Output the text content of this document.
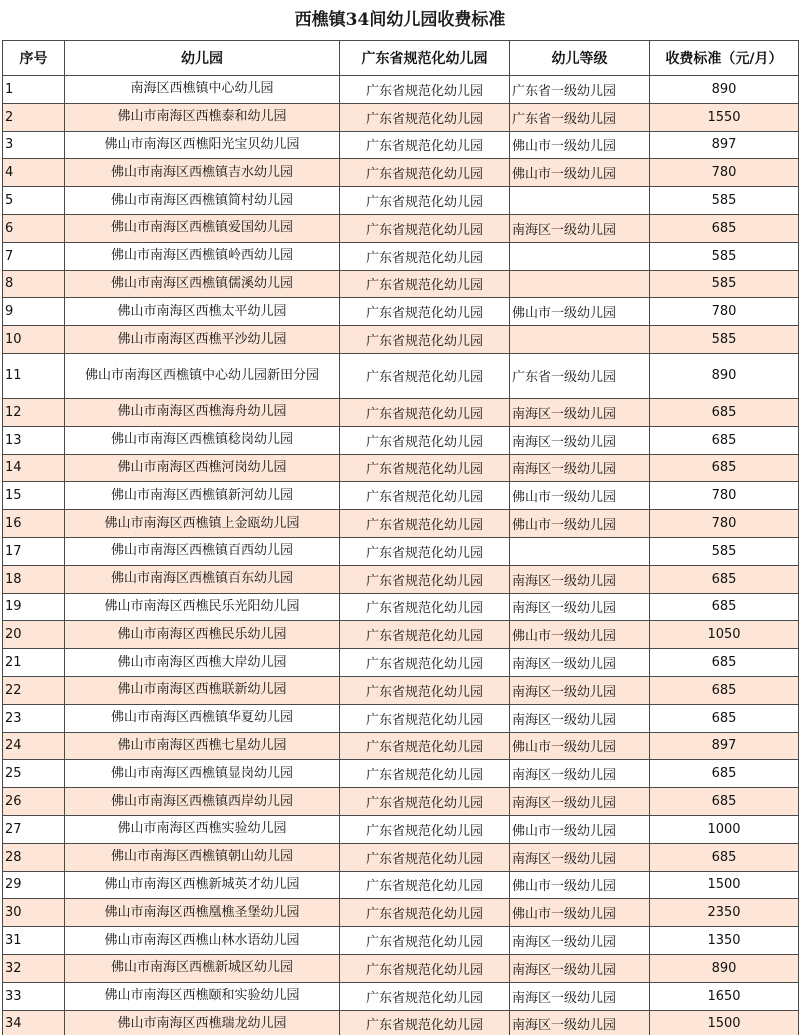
西樵镇34间幼儿园收费标准
序号	幼儿园	广东省规范化幼儿园	幼儿等级	收费标准（元/月）
1	南海区西樵镇中心幼儿园	广东省规范化幼儿园	广东省一级幼儿园	890
2	佛山市南海区西樵泰和幼儿园	广东省规范化幼儿园	广东省一级幼儿园	1550
3	佛山市南海区西樵阳光宝贝幼儿园	广东省规范化幼儿园	佛山市一级幼儿园	897
4	佛山市南海区西樵镇吉水幼儿园	广东省规范化幼儿园	佛山市一级幼儿园	780
5	佛山市南海区西樵镇简村幼儿园	广东省规范化幼儿园		585
6	佛山市南海区西樵镇爱国幼儿园	广东省规范化幼儿园	南海区一级幼儿园	685
7	佛山市南海区西樵镇岭西幼儿园	广东省规范化幼儿园		585
8	佛山市南海区西樵镇儒溪幼儿园	广东省规范化幼儿园		585
9	佛山市南海区西樵太平幼儿园	广东省规范化幼儿园	佛山市一级幼儿园	780
10	佛山市南海区西樵平沙幼儿园	广东省规范化幼儿园		585
11	佛山市南海区西樵镇中心幼儿园新田分园	广东省规范化幼儿园	广东省一级幼儿园	890
12	佛山市南海区西樵海舟幼儿园	广东省规范化幼儿园	南海区一级幼儿园	685
13	佛山市南海区西樵镇稔岗幼儿园	广东省规范化幼儿园	南海区一级幼儿园	685
14	佛山市南海区西樵河岗幼儿园	广东省规范化幼儿园	南海区一级幼儿园	685
15	佛山市南海区西樵镇新河幼儿园	广东省规范化幼儿园	佛山市一级幼儿园	780
16	佛山市南海区西樵镇上金瓯幼儿园	广东省规范化幼儿园	佛山市一级幼儿园	780
17	佛山市南海区西樵镇百西幼儿园	广东省规范化幼儿园		585
18	佛山市南海区西樵镇百东幼儿园	广东省规范化幼儿园	南海区一级幼儿园	685
19	佛山市南海区西樵民乐光阳幼儿园	广东省规范化幼儿园	南海区一级幼儿园	685
20	佛山市南海区西樵民乐幼儿园	广东省规范化幼儿园	佛山市一级幼儿园	1050
21	佛山市南海区西樵大岸幼儿园	广东省规范化幼儿园	南海区一级幼儿园	685
22	佛山市南海区西樵联新幼儿园	广东省规范化幼儿园	南海区一级幼儿园	685
23	佛山市南海区西樵镇华夏幼儿园	广东省规范化幼儿园	南海区一级幼儿园	685
24	佛山市南海区西樵七星幼儿园	广东省规范化幼儿园	佛山市一级幼儿园	897
25	佛山市南海区西樵镇显岗幼儿园	广东省规范化幼儿园	南海区一级幼儿园	685
26	佛山市南海区西樵镇西岸幼儿园	广东省规范化幼儿园	南海区一级幼儿园	685
27	佛山市南海区西樵实验幼儿园	广东省规范化幼儿园	佛山市一级幼儿园	1000
28	佛山市南海区西樵镇朝山幼儿园	广东省规范化幼儿园	南海区一级幼儿园	685
29	佛山市南海区西樵新城英才幼儿园	广东省规范化幼儿园	佛山市一级幼儿园	1500
30	佛山市南海区西樵凰樵圣堡幼儿园	广东省规范化幼儿园	佛山市一级幼儿园	2350
31	佛山市南海区西樵山林水语幼儿园	广东省规范化幼儿园	南海区一级幼儿园	1350
32	佛山市南海区西樵新城区幼儿园	广东省规范化幼儿园	南海区一级幼儿园	890
33	佛山市南海区西樵颐和实验幼儿园	广东省规范化幼儿园	南海区一级幼儿园	1650
34	佛山市南海区西樵瑞龙幼儿园	广东省规范化幼儿园	南海区一级幼儿园	1500
